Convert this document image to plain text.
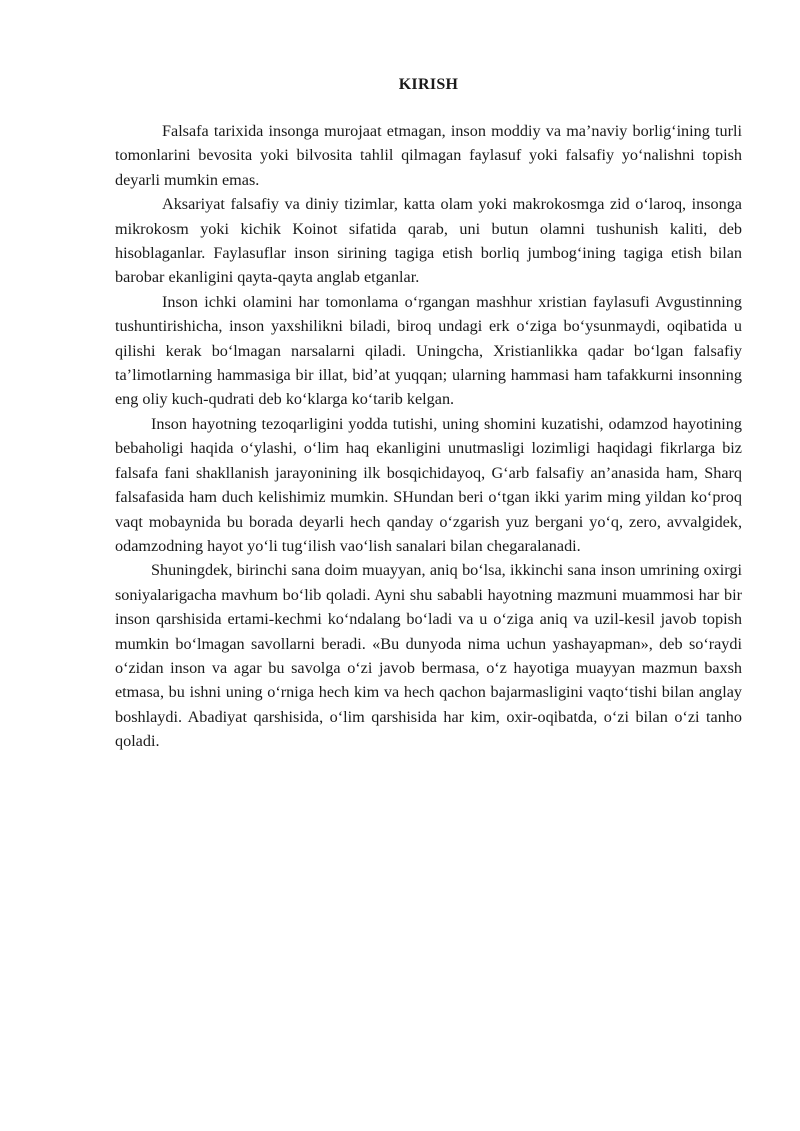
KIRISH

Falsafa tarixida insonga murojaat etmagan, inson moddiy va ma’naviy borlig‘ining turli tomonlarini bevosita yoki bilvosita tahlil qilmagan faylasuf yoki falsafiy yo‘nalishni topish deyarli mumkin emas.

Aksariyat falsafiy va diniy tizimlar, katta olam yoki makrokosmga zid o‘laroq, insonga mikrokosm yoki kichik Koinot sifatida qarab, uni butun olamni tushunish kaliti, deb hisoblaganlar. Faylasuflar inson sirining tagiga etish borliq jumbog‘ining tagiga etish bilan barobar ekanligini qayta-qayta anglab etganlar.

Inson ichki olamini har tomonlama o‘rgangan mashhur xristian faylasufi Avgustinning tushuntirishicha, inson yaxshilikni biladi, biroq undagi erk o‘ziga bo‘ysunmaydi, oqibatida u qilishi kerak bo‘lmagan narsalarni qiladi. Uningcha, Xristianlikka qadar bo‘lgan falsafiy ta’limotlarning hammasiga bir illat, bid’at yuqqan; ularning hammasi ham tafakkurni insonning eng oliy kuch-qudrati deb ko‘klarga ko‘tarib kelgan.

Inson hayotning tezoqarligini yodda tutishi, uning shomini kuzatishi, odamzod hayotining bebaholigi haqida o‘ylashi, o‘lim haq ekanligini unutmasligi lozimligi haqidagi fikrlarga biz falsafa fani shakllanish jarayonining ilk bosqichidayoq, G‘arb falsafiy an’anasida ham, Sharq falsafasida ham duch kelishimiz mumkin. SHundan beri o‘tgan ikki yarim ming yildan ko‘proq vaqt mobaynida bu borada deyarli hech qanday o‘zgarish yuz bergani yo‘q, zero, avvalgidek, odamzodning hayot yo‘li tug‘ilish vao‘lish sanalari bilan chegaralanadi.

Shuningdek, birinchi sana doim muayyan, aniq bo‘lsa, ikkinchi sana inson umrining oxirgi soniyalarigacha mavhum bo‘lib qoladi. Ayni shu sababli hayotning mazmuni muammosi har bir inson qarshisida ertami-kechmi ko‘ndalang bo‘ladi va u o‘ziga aniq va uzil-kesil javob topish mumkin bo‘lmagan savollarni beradi. «Bu dunyoda nima uchun yashayapman», deb so‘raydi o‘zidan inson va agar bu savolga o‘zi javob bermasa, o‘z hayotiga muayyan mazmun baxsh etmasa, bu ishni uning o‘rniga hech kim va hech qachon bajarmasligini vaqto‘tishi bilan anglay boshlaydi. Abadiyat qarshisida, o‘lim qarshisida har kim, oxir-oqibatda, o‘zi bilan o‘zi tanho qoladi.
